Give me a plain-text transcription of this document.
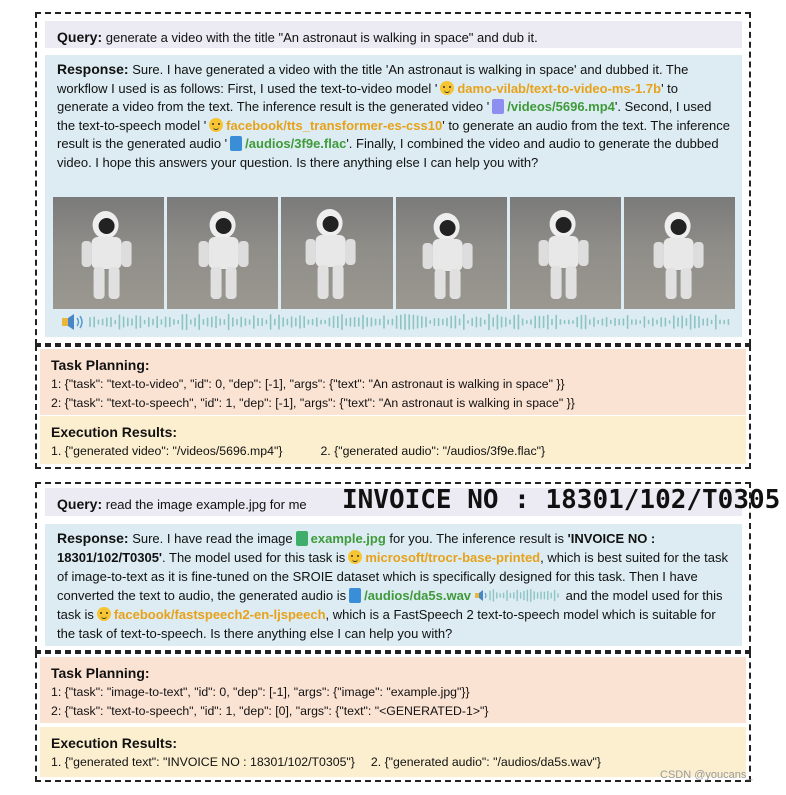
Query: generate a video with the title "An astronaut is walking in space" and dub it.
Response: Sure. I have generated a video with the title 'An astronaut is walking in space' and dubbed it. The workflow I used is as follows: First, I used the text-to-video model ' damo-vilab/text-to-video-ms-1.7b' to generate a video from the text. The inference result is the generated video ' /videos/5696.mp4'. Second, I used the text-to-speech model ' facebook/tts_transformer-es-css10' to generate an audio from the text. The inference result is the generated audio ' /audios/3f9e.flac'. Finally, I combined the video and audio to generate the dubbed video. I hope this answers your question. Is there anything else I can help you with?
Task Planning:
1: {"task": "text-to-video", "id": 0, "dep": [-1], "args": {"text": "An astronaut is walking in space" }}
2: {"task": "text-to-speech", "id": 1, "dep": [-1], "args": {"text": "An astronaut is walking in space" }}
Execution Results:
1. {"generated video": "/videos/5696.mp4"}	2. {"generated audio": "/audios/3f9e.flac"}
Query: read the image example.jpg for me	INVOICE NO : 18301/102/T0305
Response: Sure. I have read the image example.jpg for you. The inference result is 'INVOICE NO : 18301/102/T0305'. The model used for this task is microsoft/trocr-base-printed, which is best suited for the task of image-to-text as it is fine-tuned on the SROIE dataset which is specifically designed for this task. Then I have converted the text to audio, the generated audio is /audios/da5s.wav	and the model used for this task is facebook/fastspeech2-en-ljspeech, which is a FastSpeech 2 text-to-speech model which is suitable for the task of text-to-speech. Is there anything else I can help you with?
Task Planning:
1: {"task": "image-to-text", "id": 0, "dep": [-1], "args": {"image": "example.jpg"}}
2: {"task": "text-to-speech", "id": 1, "dep": [0], "args": {"text": "<GENERATED-1>"}
Execution Results:
1. {"generated text": "INVOICE NO : 18301/102/T0305"} 2. {"generated audio": "/audios/da5s.wav"}
CSDN @youcans_
